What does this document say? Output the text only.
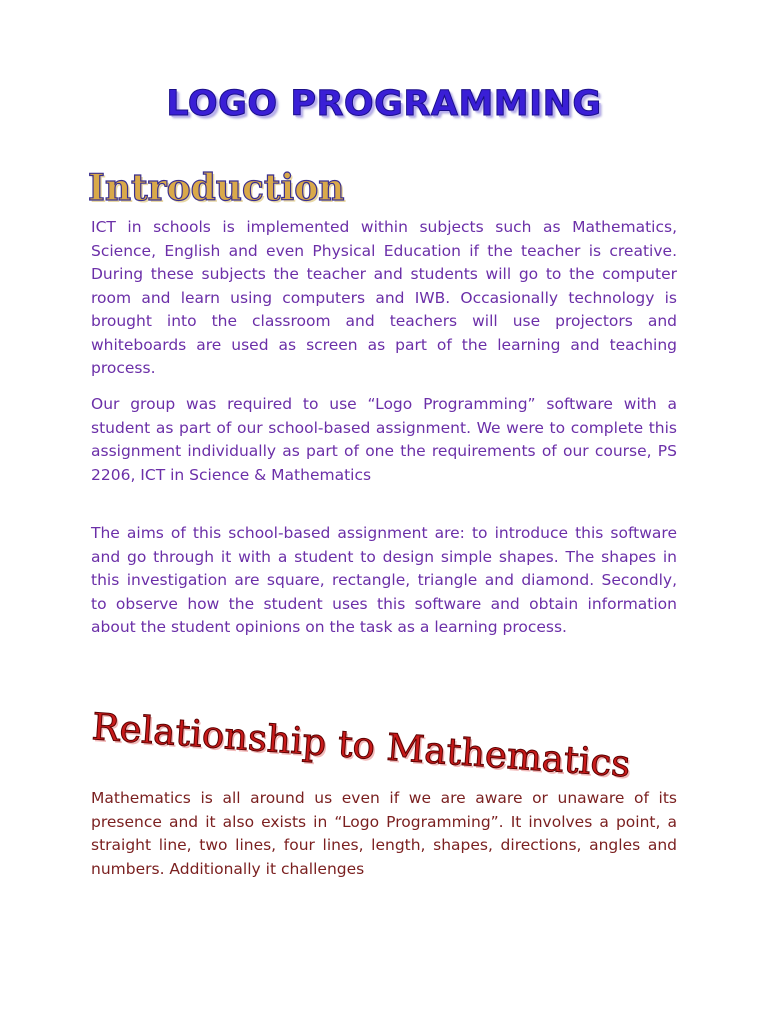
LOGO PROGRAMMING
Introduction

ICT in schools is implemented within subjects such as Mathematics, Science, English and even Physical Education if the teacher is creative. During these subjects the teacher and students will go to the computer room and learn using computers and IWB. Occasionally technology is brought into the classroom and teachers will use projectors and whiteboards are used as screen as part of the learning and teaching process.

Our group was required to use “Logo Programming” software with a student as part of our school-based assignment. We were to complete this assignment individually as part of one the requirements of our course, PS 2206, ICT in Science & Mathematics

The aims of this school-based assignment are: to introduce this software and go through it with a student to design simple shapes. The shapes in this investigation are square, rectangle, triangle and diamond. Secondly, to observe how the student uses this software and obtain information about the student opinions on the task as a learning process.

Relationship to Mathematics

Mathematics is all around us even if we are aware or unaware of its presence and it also exists in “Logo Programming”. It involves a point, a straight line, two lines, four lines, length, shapes, directions, angles and numbers. Additionally it challenges
